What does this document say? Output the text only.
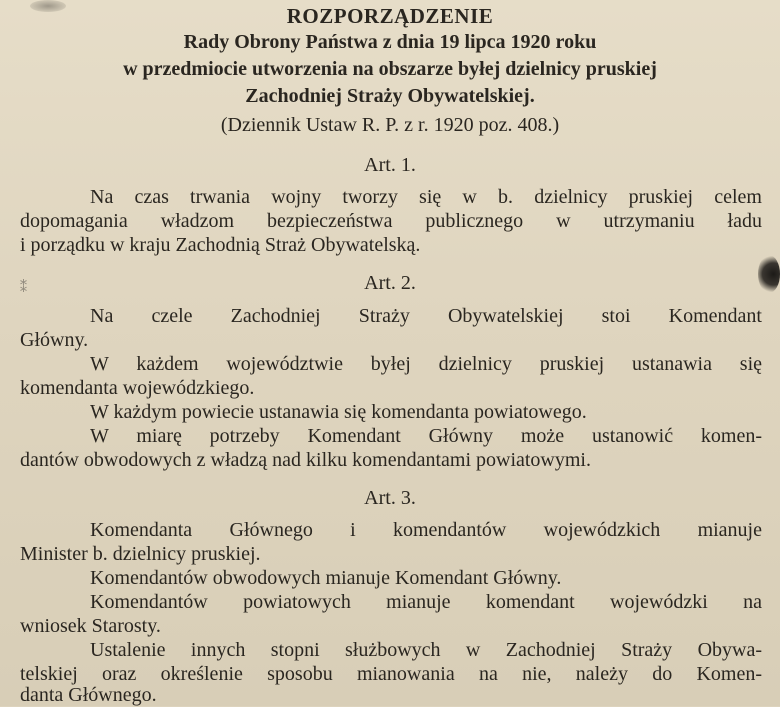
⁑
ROZPORZĄDZENIE
Rady Obrony Państwa z dnia 19 lipca 1920 roku
w przedmiocie utworzenia na obszarze byłej dzielnicy pruskiej
Zachodniej Straży Obywatelskiej.
(Dziennik Ustaw R. P. z r. 1920 poz. 408.)
Art. 1.
Na czas trwania wojny tworzy się w b. dzielnicy pruskiej celem
dopomagania władzom bezpieczeństwa publicznego w utrzymaniu ładu
i porządku w kraju Zachodnią Straż Obywatelską.
Art. 2.
Na czele Zachodniej Straży Obywatelskiej stoi Komendant
Główny.
W każdem województwie byłej dzielnicy pruskiej ustanawia się
komendanta wojewódzkiego.
W każdym powiecie ustanawia się komendanta powiatowego.
W miarę potrzeby Komendant Główny może ustanowić komen-
dantów obwodowych z władzą nad kilku komendantami powiatowymi.
Art. 3.
Komendanta Głównego i komendantów wojewódzkich mianuje
Minister b. dzielnicy pruskiej.
Komendantów obwodowych mianuje Komendant Główny.
Komendantów powiatowych mianuje komendant wojewódzki na
wniosek Starosty.
Ustalenie innych stopni służbowych w Zachodniej Straży Obywa-
telskiej oraz określenie sposobu mianowania na nie, należy do Komen-
danta Głównego.
